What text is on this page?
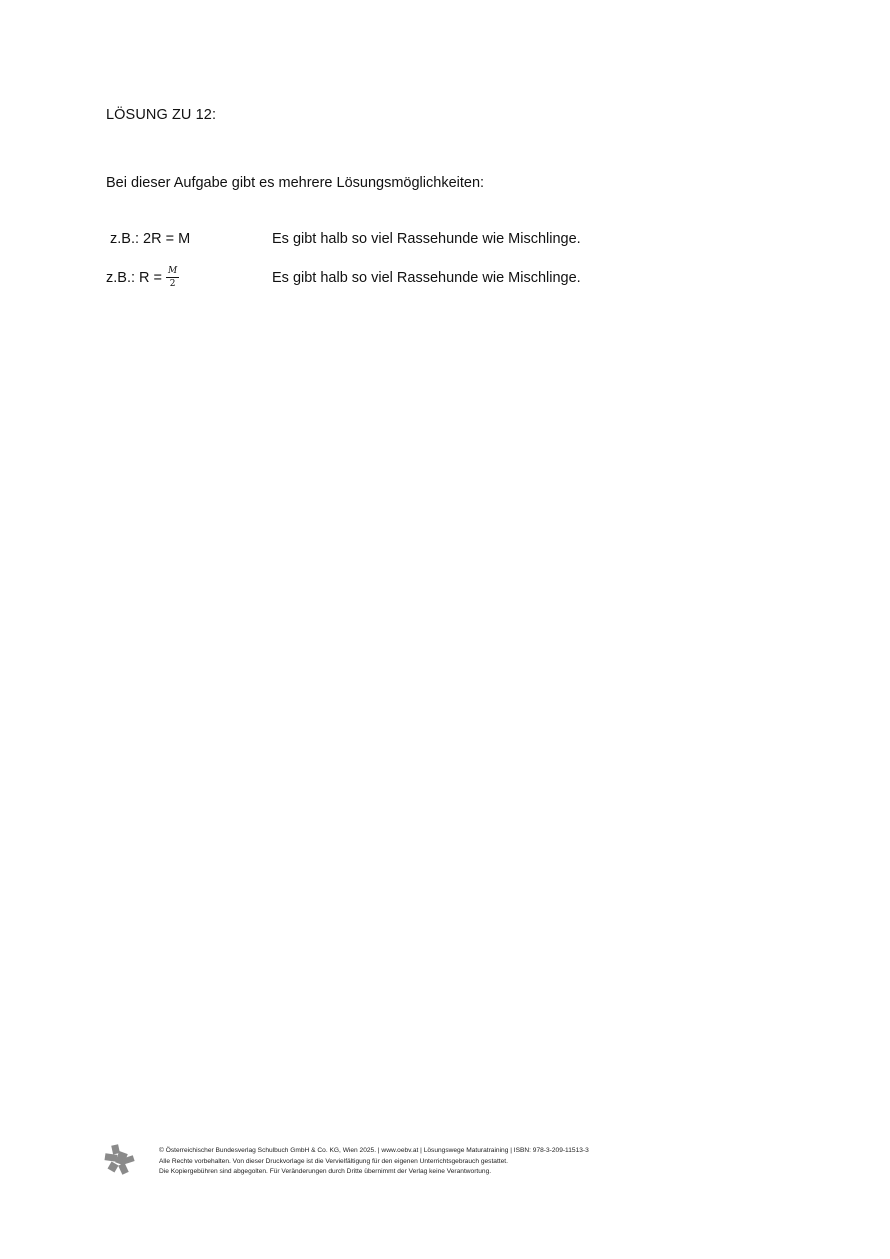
LÖSUNG ZU 12:
Bei dieser Aufgabe gibt es mehrere Lösungsmöglichkeiten:
z.B.: 2R = M	Es gibt halb so viel Rassehunde wie Mischlinge.
z.B.: $R = \frac{M}{2}$	Es gibt halb so viel Rassehunde wie Mischlinge.
© Österreichischer Bundesverlag Schulbuch GmbH & Co. KG, Wien 2025. | www.oebv.at | Lösungswege Maturatraining | ISBN: 978-3-209-11513-3
Alle Rechte vorbehalten. Von dieser Druckvorlage ist die Vervielfältigung für den eigenen Unterrichtsgebrauch gestattet.
Die Kopiergebühren sind abgegolten. Für Veränderungen durch Dritte übernimmt der Verlag keine Verantwortung.
